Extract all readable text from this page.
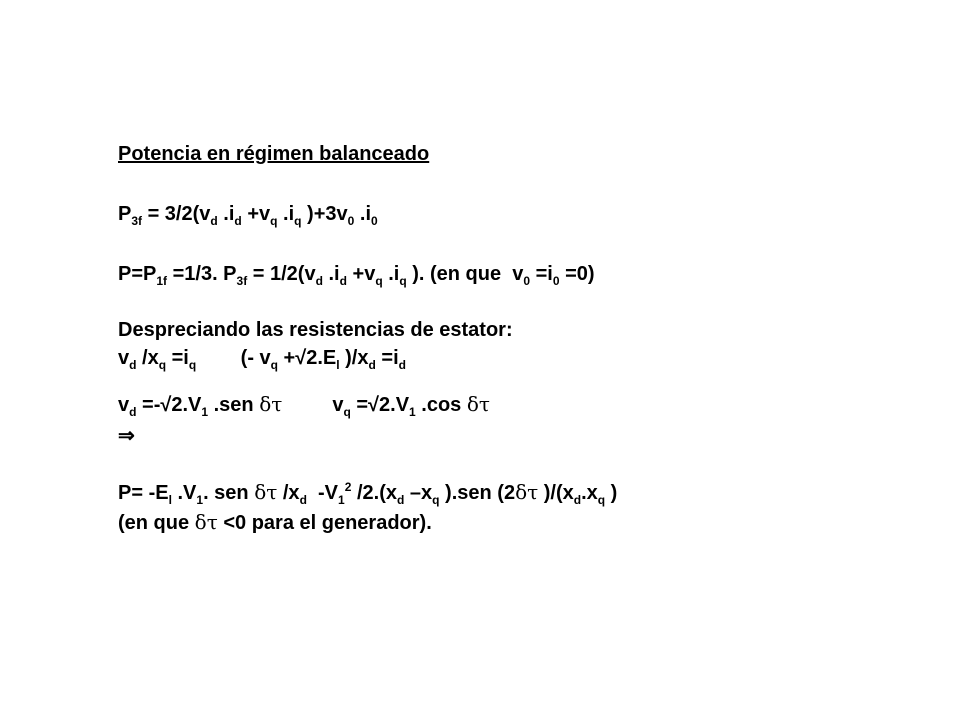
Potencia en régimen balanceado
$P_{3f} = 3/2(v_d$ $.i_d +v_q$ $.i_q$ )$+3v_0$ $.i_0$
$P=P_{1f} =1/3$. $P_{3f} = 1/2(v_d$ $.i_d +v_q$ $.i_q$ ). (en que  $v_0 =i_0 =0$)
Despreciando las resistencias de estator:
$v_d$ $/x_q =i_q$        (- $v_q +√2.E_l$ )$/x_d =i_d$
$v_d =-√2.V_1$ .sen δτ         $v_q =√2.V_1$ .cos δτ
⇒
$P= -E_l$ $.V_1$. sen δτ $/x_d$  $-V_1^2$ $/2.(x_d$ $-x_q$ ).sen (2δτ )$/(x_d.x_q$ )
(en que δτ <0 para el generador).
